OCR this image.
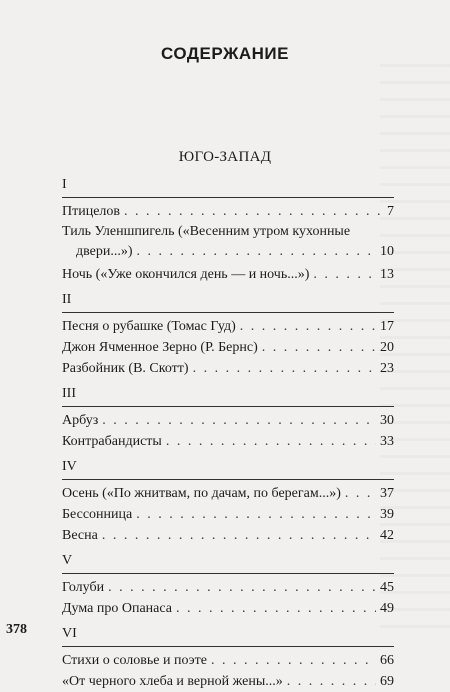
СОДЕРЖАНИЕ
ЮГО-ЗАПАД
I
Птицелов . . .	7
Тиль Уленшпигель («Весенним утром кухонные
двери...») . . .	10
Ночь («Уже окончился день — и ночь...») . . .	13
II
Песня о рубашке (Томас Гуд) . . .	17
Джон Ячменное Зерно (Р. Бернс) . . .	20
Разбойник (В. Скотт) . . .	23
III
Арбуз . . .	30
Контрабандисты . . .	33
IV
Осень («По жнитвам, по дачам, по берегам...») . . .	37
Бессонница . . .	39
Весна . . .	42
V
Голуби . . .	45
Дума про Опанаса . . .	49
VI
Стихи о соловье и поэте . . .	66
«От черного хлеба и верной жены...» . . .	69
378
